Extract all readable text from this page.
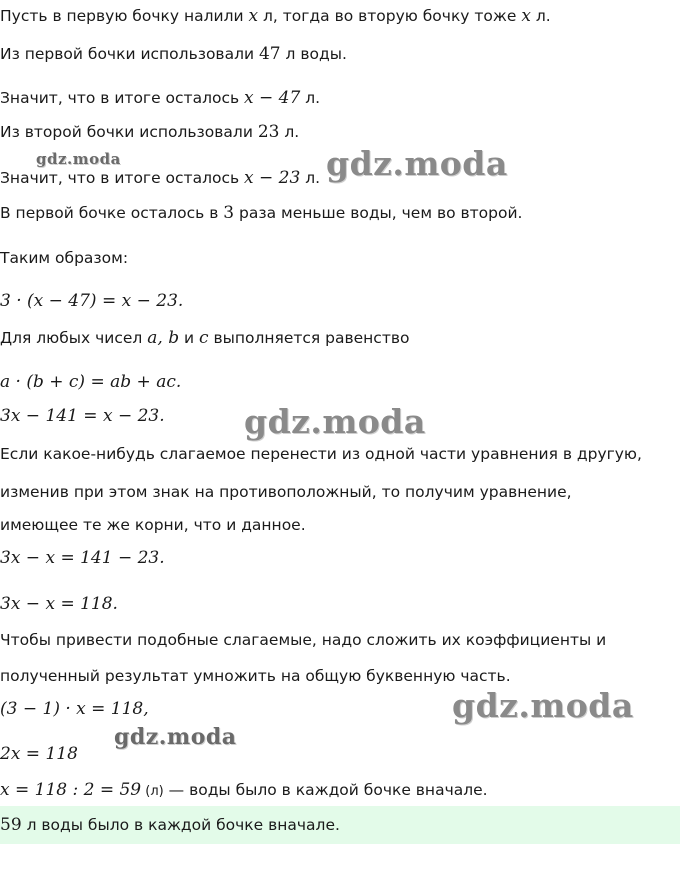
Пусть в первую бочку налили x л, тогда во вторую бочку тоже x л.
Из первой бочки использовали 47 л воды.
Значит, что в итоге осталось x − 47 л.
Из второй бочки использовали 23 л.
Значит, что в итоге осталось x − 23 л.
В первой бочке осталось в 3 раза меньше воды, чем во второй.
Таким образом:
3 · (x − 47) = x − 23.
Для любых чисел a, b и c выполняется равенство
a · (b + c) = ab + ac.
3x − 141 = x − 23.
Если какое-нибудь слагаемое перенести из одной части уравнения в другую,
изменив при этом знак на противоположный, то получим уравнение,
имеющее те же корни, что и данное.
3x − x = 141 − 23.
3x − x = 118.
Чтобы привести подобные слагаемые, надо сложить их коэффициенты и
полученный результат умножить на общую буквенную часть.
(3 − 1) · x = 118,
2x = 118
x = 118 : 2 = 59 (л) — воды было в каждой бочке вначале.
59 л воды было в каждой бочке вначале.
gdz.moda	gdz.moda
gdz.moda
gdz.moda
gdz.moda
